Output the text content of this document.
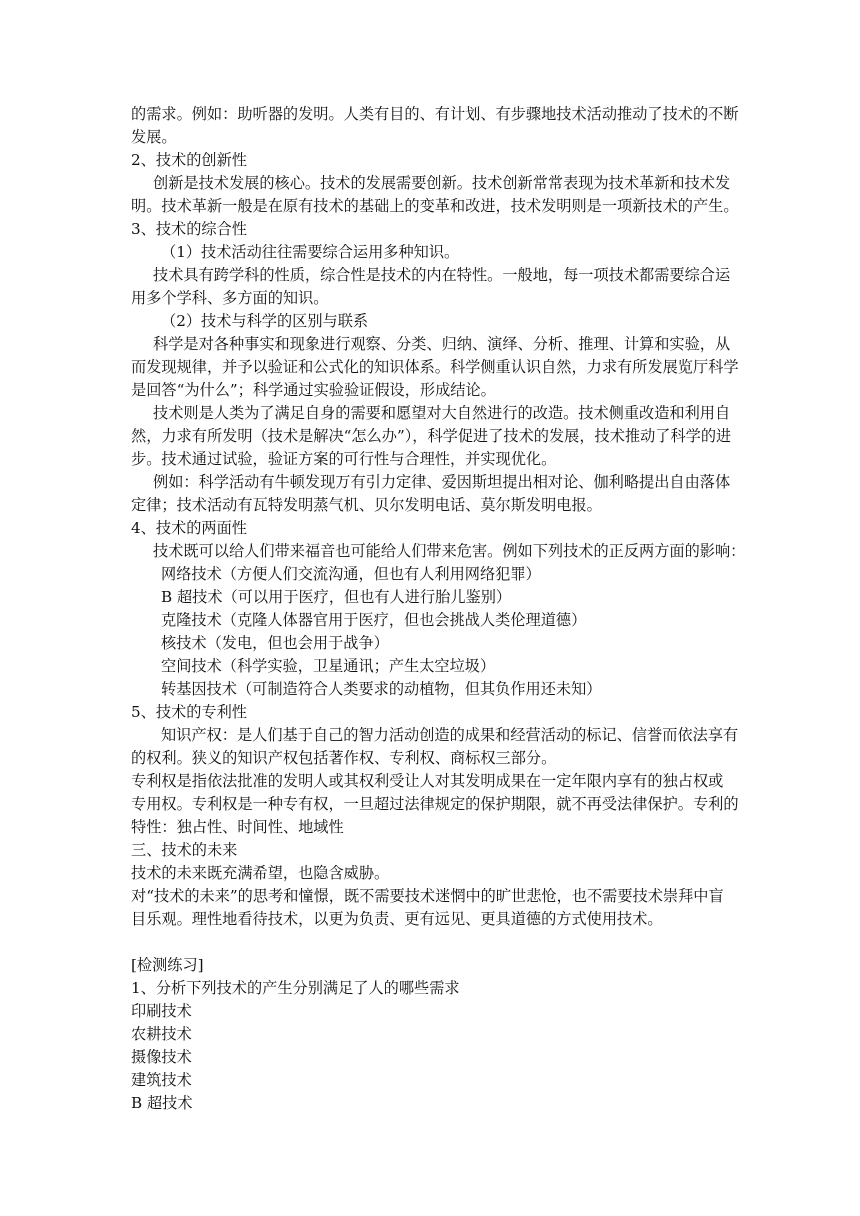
的需求。例如：助听器的发明。人类有目的、有计划、有步骤地技术活动推动了技术的不断
发展。
2、技术的创新性
创新是技术发展的核心。技术的发展需要创新。技术创新常常表现为技术革新和技术发
明。技术革新一般是在原有技术的基础上的变革和改进，技术发明则是一项新技术的产生。
3、技术的综合性
（1）技术活动往往需要综合运用多种知识。
技术具有跨学科的性质，综合性是技术的内在特性。一般地，每一项技术都需要综合运
用多个学科、多方面的知识。
（2）技术与科学的区别与联系
科学是对各种事实和现象进行观察、分类、归纳、演绎、分析、推理、计算和实验，从
而发现规律，并予以验证和公式化的知识体系。科学侧重认识自然，力求有所发展览厅科学
是回答“为什么”；科学通过实验验证假设，形成结论。
技术则是人类为了满足自身的需要和愿望对大自然进行的改造。技术侧重改造和利用自
然，力求有所发明（技术是解决“怎么办”），科学促进了技术的发展，技术推动了科学的进
步。技术通过试验，验证方案的可行性与合理性，并实现优化。
例如：科学活动有牛顿发现万有引力定律、爱因斯坦提出相对论、伽利略提出自由落体
定律；技术活动有瓦特发明蒸气机、贝尔发明电话、莫尔斯发明电报。
4、技术的两面性
技术既可以给人们带来福音也可能给人们带来危害。例如下列技术的正反两方面的影响：
网络技术（方便人们交流沟通，但也有人利用网络犯罪）
B 超技术（可以用于医疗，但也有人进行胎儿鉴别）
克隆技术（克隆人体器官用于医疗，但也会挑战人类伦理道德）
核技术（发电，但也会用于战争）
空间技术（科学实验，卫星通讯；产生太空垃圾）
转基因技术（可制造符合人类要求的动植物，但其负作用还未知）
5、技术的专利性
知识产权：是人们基于自己的智力活动创造的成果和经营活动的标记、信誉而依法享有
的权利。狭义的知识产权包括著作权、专利权、商标权三部分。
专利权是指依法批准的发明人或其权利受让人对其发明成果在一定年限内享有的独占权或
专用权。专利权是一种专有权，一旦超过法律规定的保护期限，就不再受法律保护。专利的
特性：独占性、时间性、地域性
三、技术的未来
技术的未来既充满希望，也隐含威胁。
对“技术的未来”的思考和憧憬，既不需要技术迷惘中的旷世悲怆，也不需要技术崇拜中盲
目乐观。理性地看待技术，以更为负责、更有远见、更具道德的方式使用技术。
[检测练习]
1、分析下列技术的产生分别满足了人的哪些需求
印刷技术
农耕技术
摄像技术
建筑技术
B 超技术
